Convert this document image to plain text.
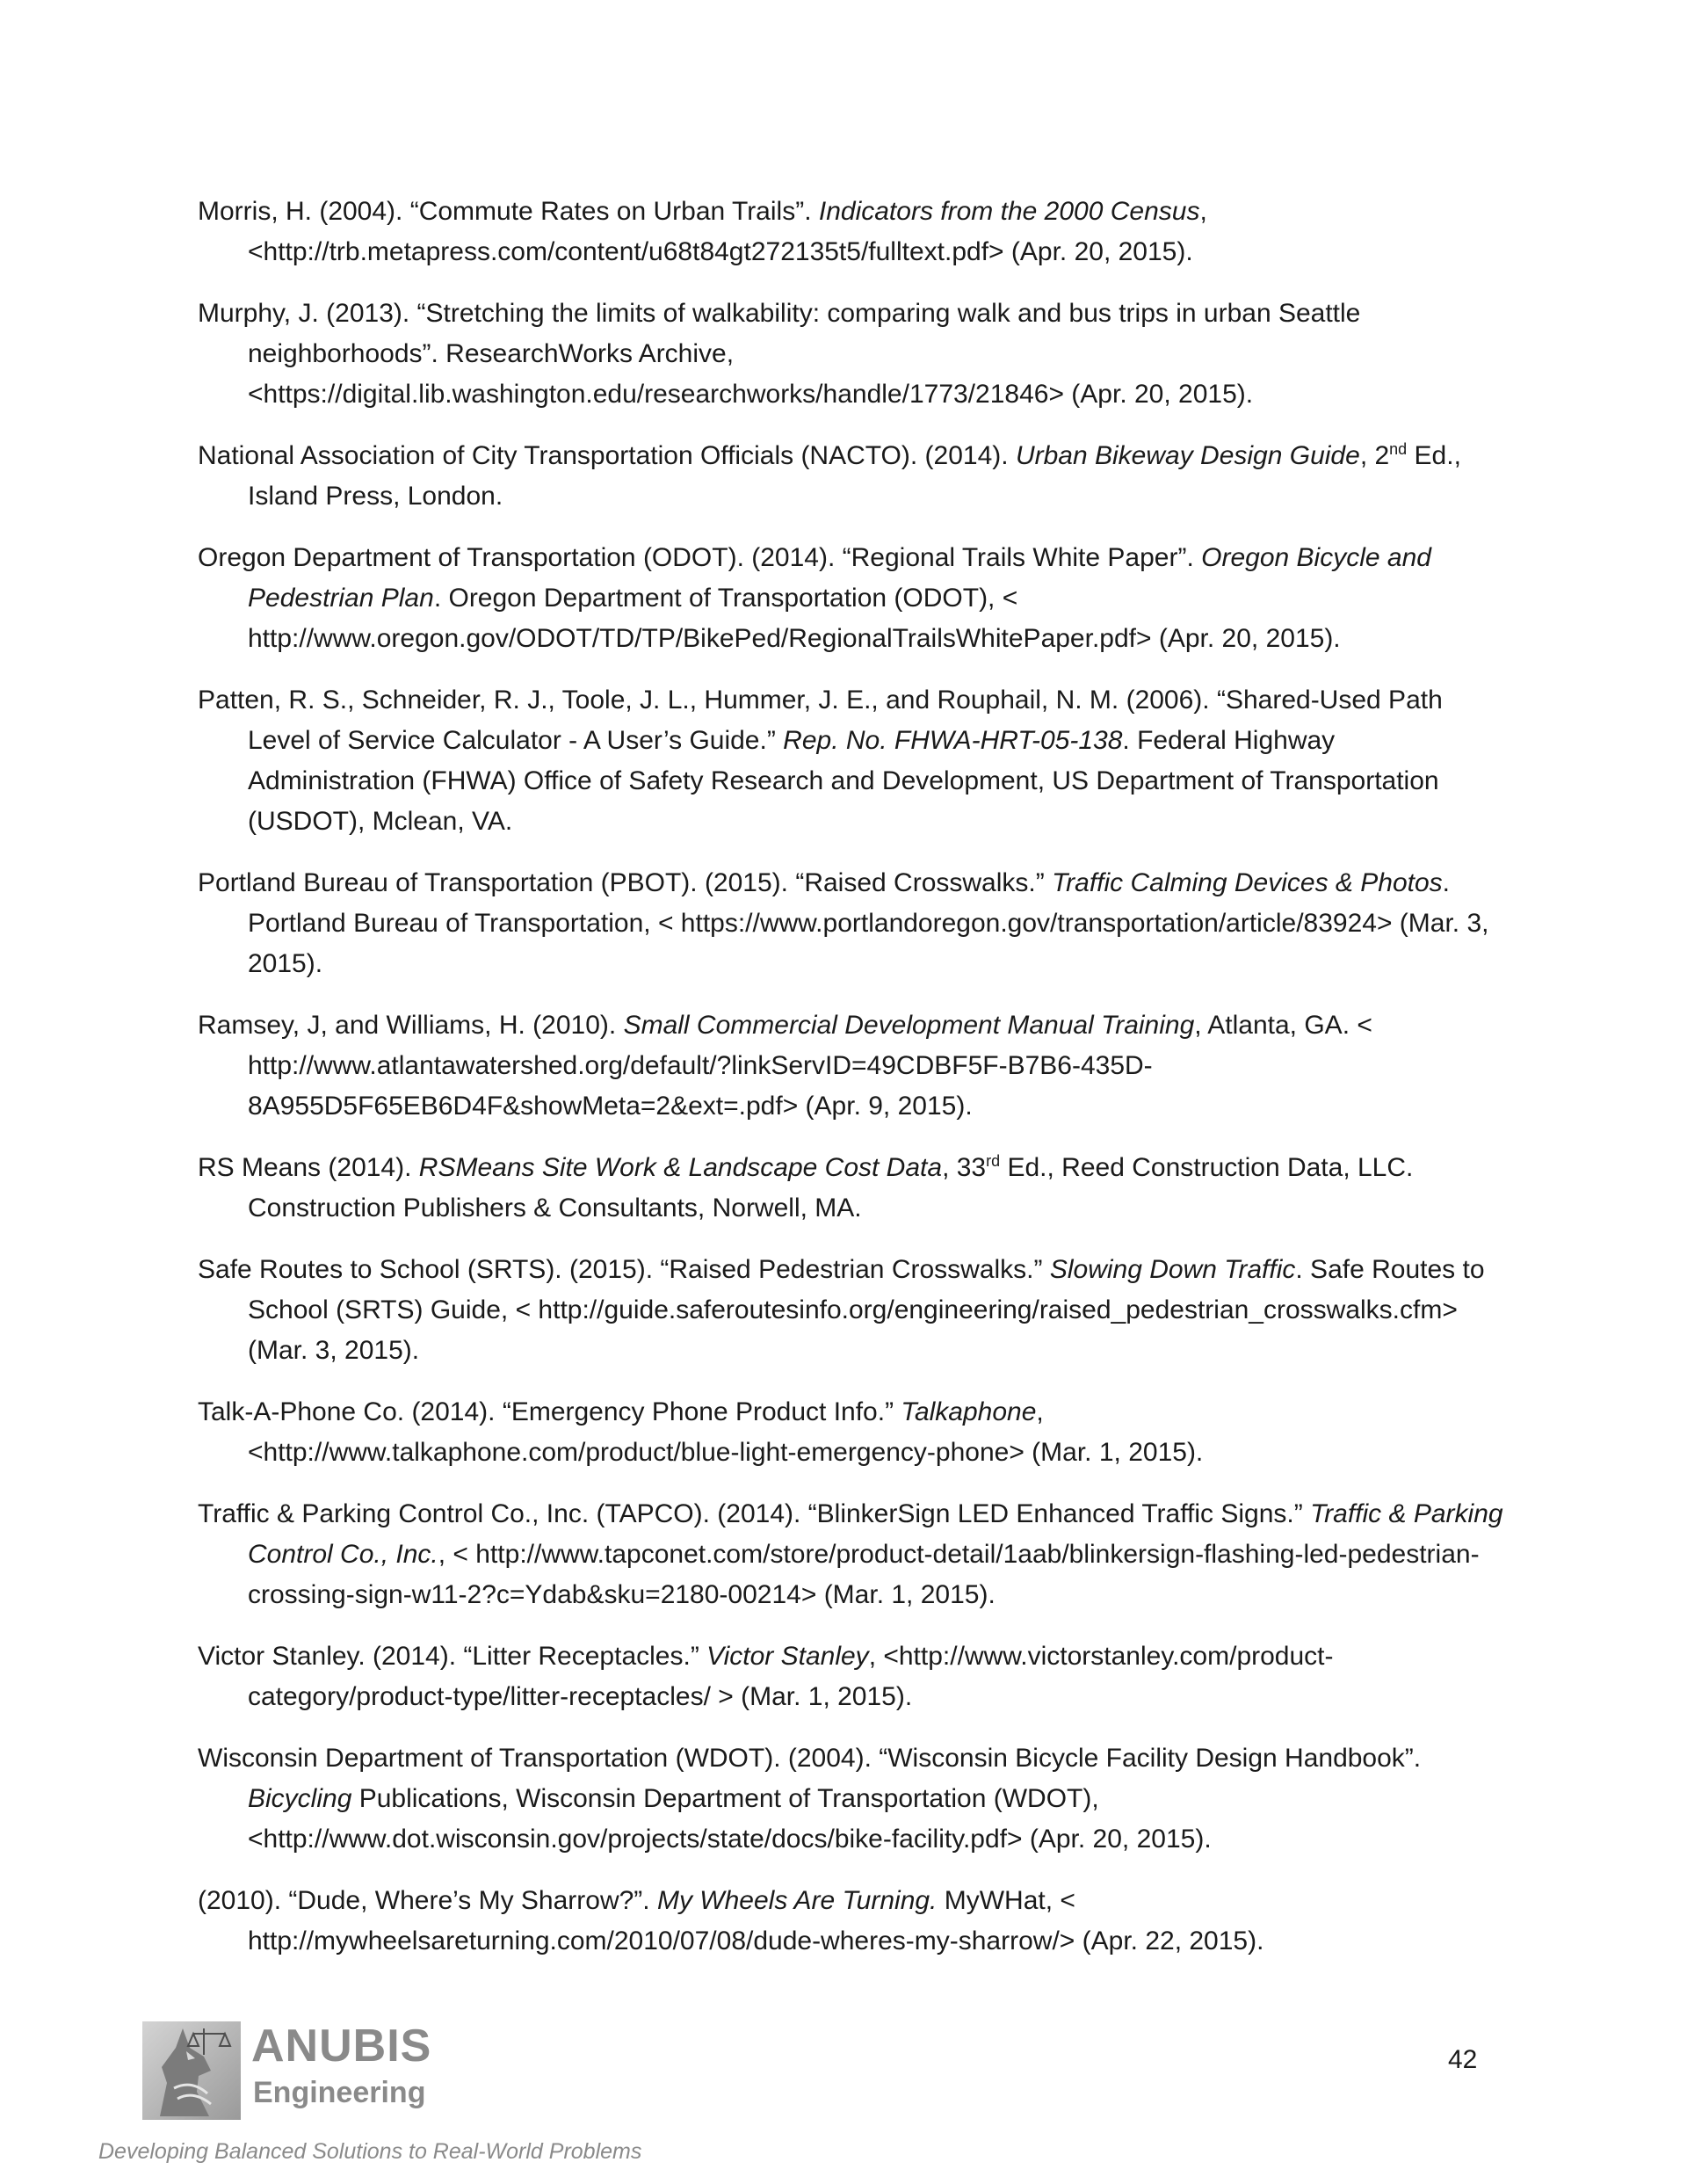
Morris, H. (2004). “Commute Rates on Urban Trails”. Indicators from the 2000 Census, <http://trb.metapress.com/content/u68t84gt272135t5/fulltext.pdf> (Apr. 20, 2015).

Murphy, J. (2013). “Stretching the limits of walkability: comparing walk and bus trips in urban Seattle neighborhoods”. ResearchWorks Archive, <https://digital.lib.washington.edu/researchworks/handle/1773/21846> (Apr. 20, 2015).

National Association of City Transportation Officials (NACTO). (2014). Urban Bikeway Design Guide, 2nd Ed., Island Press, London.

Oregon Department of Transportation (ODOT). (2014). “Regional Trails White Paper”. Oregon Bicycle and Pedestrian Plan. Oregon Department of Transportation (ODOT), < http://www.oregon.gov/ODOT/TD/TP/BikePed/RegionalTrailsWhitePaper.pdf> (Apr. 20, 2015).

Patten, R. S., Schneider, R. J., Toole, J. L., Hummer, J. E., and Rouphail, N. M. (2006). “Shared-Used Path Level of Service Calculator - A User’s Guide.” Rep. No. FHWA-HRT-05-138. Federal Highway Administration (FHWA) Office of Safety Research and Development, US Department of Transportation (USDOT), Mclean, VA.

Portland Bureau of Transportation (PBOT). (2015). “Raised Crosswalks.” Traffic Calming Devices & Photos. Portland Bureau of Transportation, < https://www.portlandoregon.gov/transportation/article/83924> (Mar. 3, 2015).

Ramsey, J, and Williams, H. (2010). Small Commercial Development Manual Training, Atlanta, GA. < http://www.atlantawatershed.org/default/?linkServID=49CDBF5F-B7B6-435D-8A955D5F65EB6D4F&showMeta=2&ext=.pdf> (Apr. 9, 2015).

RS Means (2014). RSMeans Site Work & Landscape Cost Data, 33rd Ed., Reed Construction Data, LLC. Construction Publishers & Consultants, Norwell, MA.

Safe Routes to School (SRTS). (2015). “Raised Pedestrian Crosswalks.” Slowing Down Traffic. Safe Routes to School (SRTS) Guide, < http://guide.saferoutesinfo.org/engineering/raised_pedestrian_crosswalks.cfm> (Mar. 3, 2015).

Talk-A-Phone Co. (2014). “Emergency Phone Product Info.” Talkaphone, <http://www.talkaphone.com/product/blue-light-emergency-phone> (Mar. 1, 2015).

Traffic & Parking Control Co., Inc. (TAPCO). (2014). “BlinkerSign LED Enhanced Traffic Signs.” Traffic & Parking Control Co., Inc., < http://www.tapconet.com/store/product-detail/1aab/blinkersign-flashing-led-pedestrian-crossing-sign-w11-2?c=Ydab&sku=2180-00214> (Mar. 1, 2015).

Victor Stanley. (2014). “Litter Receptacles.” Victor Stanley, <http://www.victorstanley.com/product-category/product-type/litter-receptacles/ > (Mar. 1, 2015).

Wisconsin Department of Transportation (WDOT). (2004). “Wisconsin Bicycle Facility Design Handbook”. Bicycling Publications, Wisconsin Department of Transportation (WDOT), <http://www.dot.wisconsin.gov/projects/state/docs/bike-facility.pdf> (Apr. 20, 2015).

(2010). “Dude, Where’s My Sharrow?”. My Wheels Are Turning. MyWHat, < http://mywheelsareturning.com/2010/07/08/dude-wheres-my-sharrow/> (Apr. 22, 2015).

ANUBIS
Engineering
42
Developing Balanced Solutions to Real-World Problems
